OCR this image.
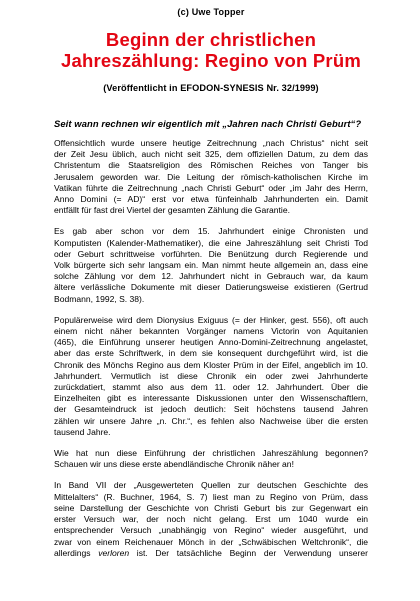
(c) Uwe Topper
Beginn der christlichen
Jahreszählung: Regino von Prüm
(Veröffentlicht in EFODON-SYNESIS Nr. 32/1999)
Seit wann rechnen wir eigentlich mit „Jahren nach Christi Geburt“?
Offensichtlich wurde unsere heutige Zeitrechnung „nach Christus“ nicht seit
der Zeit Jesu üblich, auch nicht seit 325, dem offiziellen Datum, zu dem das
Christentum die Staatsreligion des Römischen Reiches von Tanger bis
Jerusalem geworden war. Die Leitung der römisch-katholischen Kirche im
Vatikan führte die Zeitrechnung „nach Christi Geburt“ oder „im Jahr des Herrn,
Anno Domini (= AD)“ erst vor etwa fünfeinhalb Jahrhunderten ein. Damit
entfällt für fast drei Viertel der gesamten Zählung die Garantie.
Es gab aber schon vor dem 15. Jahrhundert einige Chronisten und
Komputisten (Kalender-Mathematiker), die eine Jahreszählung seit Christi Tod
oder Geburt schrittweise vorführten. Die Benützung durch Regierende und
Volk bürgerte sich sehr langsam ein. Man nimmt heute allgemein an, dass eine
solche Zählung vor dem 12. Jahrhundert nicht in Gebrauch war, da kaum
ältere verlässliche Dokumente mit dieser Datierungsweise existieren (Gertrud
Bodmann, 1992, S. 38).
Populärerweise wird dem Dionysius Exiguus (= der Hinker, gest. 556), oft auch
einem nicht näher bekannten Vorgänger namens Victorin von Aquitanien
(465), die Einführung unserer heutigen Anno-Domini-Zeitrechnung angelastet,
aber das erste Schriftwerk, in dem sie konsequent durchgeführt wird, ist die
Chronik des Mönchs Regino aus dem Kloster Prüm in der Eifel, angeblich im 10.
Jahrhundert. Vermutlich ist diese Chronik ein oder zwei Jahrhunderte
zurückdatiert, stammt also aus dem 11. oder 12. Jahrhundert. Über die
Einzelheiten gibt es interessante Diskussionen unter den Wissenschaftlern,
der Gesamteindruck ist jedoch deutlich: Seit höchstens tausend Jahren
zählen wir unsere Jahre „n. Chr.“, es fehlen also Nachweise über die ersten
tausend Jahre.
Wie hat nun diese Einführung der christlichen Jahreszählung begonnen?
Schauen wir uns diese erste abendländische Chronik näher an!
In Band VII der „Ausgewerteten Quellen zur deutschen Geschichte des
Mittelalters“ (R. Buchner, 1964, S. 7) liest man zu Regino von Prüm, dass
seine Darstellung der Geschichte von Christi Geburt bis zur Gegenwart ein
erster Versuch war, der noch nicht gelang. Erst um 1040 wurde ein
entsprechender Versuch „unabhängig von Regino“ wieder ausgeführt, und
zwar von einem Reichenauer Mönch in der „Schwäbischen Weltchronik“, die
allerdings verloren ist. Der tatsächliche Beginn der Verwendung unserer
